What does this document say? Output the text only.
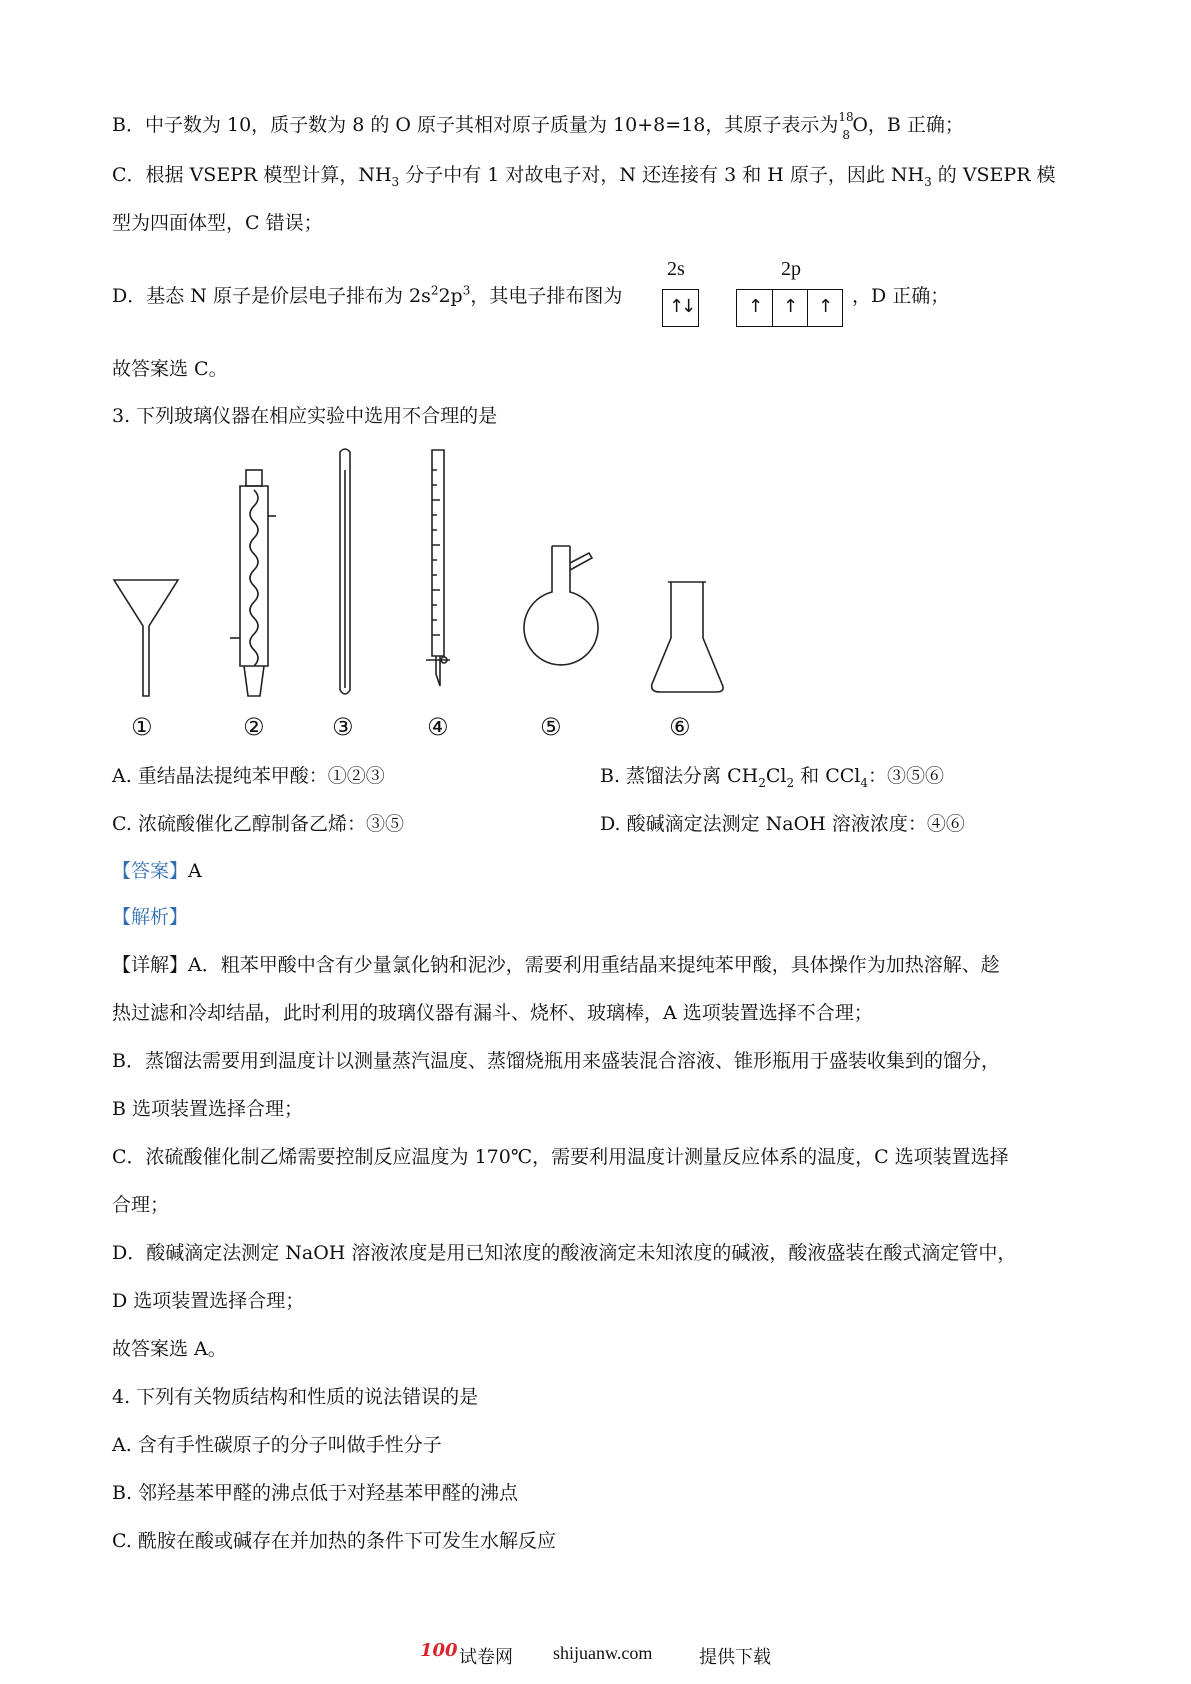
B．中子数为 10，质子数为 8 的 O 原子其相对原子质量为 10+8=18，其原子表示为 18
8 O，B 正确；
C．根据 VSEPR 模型计算，$NH_3$ 分子中有 1 对故电子对，N 还连接有 3 和 H 原子，因此 $NH_3$ 的 VSEPR 模
型为四面体型，C 错误；
D．基态 N 原子是价层电子排布为 $2s^22p^3$，其电子排布图为
2s	2p
↑
↓	↑ ↑ ↑ ，D 正确；
故答案选 C。
3. 下列玻璃仪器在相应实验中选用不合理的是
①	②	③	④	⑤	⑥
A. 重结晶法提纯苯甲酸：①②③	B. 蒸馏法分离 $CH_2Cl_2$ 和 CCl$_4$：③⑤⑥
C. 浓硫酸催化乙醇制备乙烯：③⑤	D. 酸碱滴定法测定 NaOH 溶液浓度：④⑥
【答案】A
【解析】
【详解】A．粗苯甲酸中含有少量氯化钠和泥沙，需要利用重结晶来提纯苯甲酸，具体操作为加热溶解、趁
热过滤和冷却结晶，此时利用的玻璃仪器有漏斗、烧杯、玻璃棒，A 选项装置选择不合理；
B．蒸馏法需要用到温度计以测量蒸汽温度、蒸馏烧瓶用来盛装混合溶液、锥形瓶用于盛装收集到的馏分，
B 选项装置选择合理；
C．浓硫酸催化制乙烯需要控制反应温度为 170℃，需要利用温度计测量反应体系的温度，C 选项装置选择
合理；
D．酸碱滴定法测定 NaOH 溶液浓度是用已知浓度的酸液滴定未知浓度的碱液，酸液盛装在酸式滴定管中，
D 选项装置选择合理；
故答案选 A。
4. 下列有关物质结构和性质的说法错误的是
A. 含有手性碳原子的分子叫做手性分子
B. 邻羟基苯甲醛的沸点低于对羟基苯甲醛的沸点
C. 酰胺在酸或碱存在并加热的条件下可发生水解反应
100 试卷网 shijuanw.com	提供下载
